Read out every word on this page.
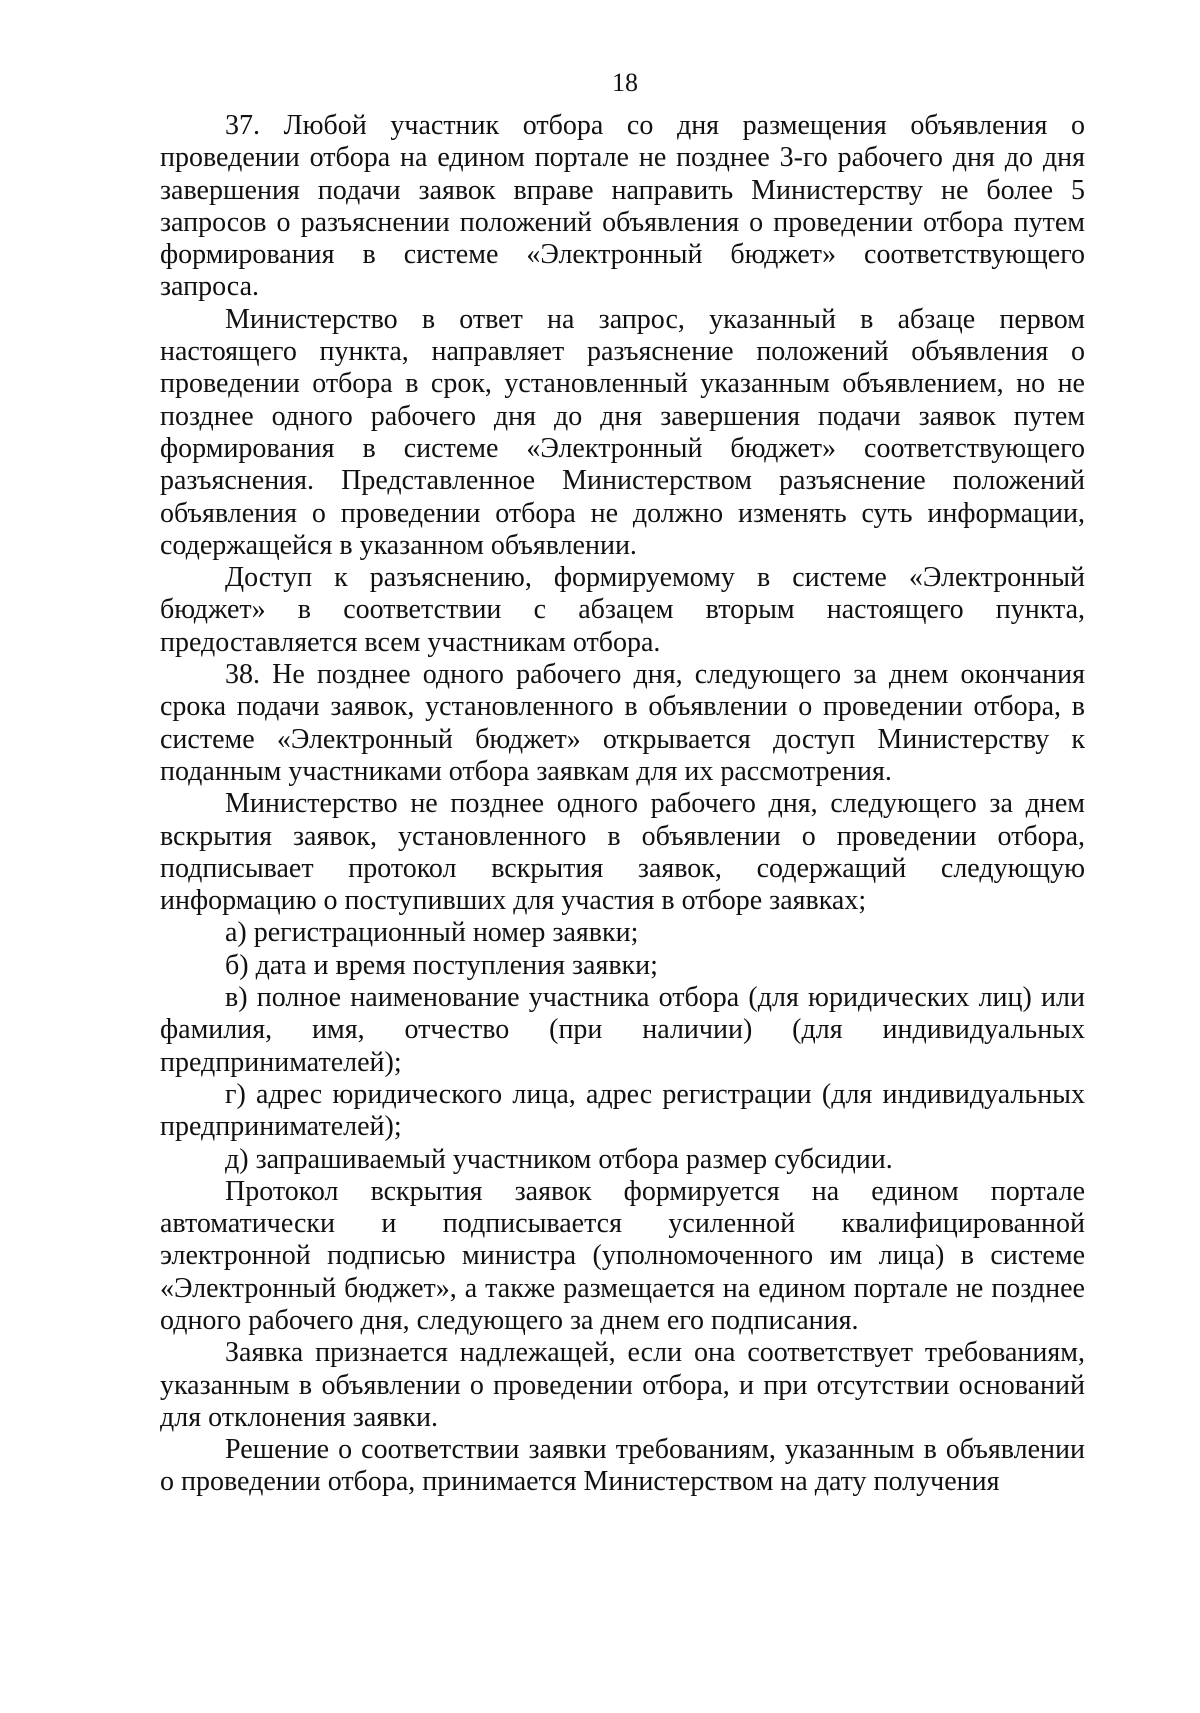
18

37. Любой участник отбора со дня размещения объявления о проведении отбора на едином портале не позднее 3-го рабочего дня до дня завершения подачи заявок вправе направить Министерству не более 5 запросов о разъяснении положений объявления о проведении отбора путем формирования в системе «Электронный бюджет» соответствующего запроса.

Министерство в ответ на запрос, указанный в абзаце первом настоящего пункта, направляет разъяснение положений объявления о проведении отбора в срок, установленный указанным объявлением, но не позднее одного рабочего дня до дня завершения подачи заявок путем формирования в системе «Электронный бюджет» соответствующего разъяснения. Представленное Министерством разъяснение положений объявления о проведении отбора не должно изменять суть информации, содержащейся в указанном объявлении.

Доступ к разъяснению, формируемому в системе «Электронный бюджет» в соответствии с абзацем вторым настоящего пункта, предоставляется всем участникам отбора.

38. Не позднее одного рабочего дня, следующего за днем окончания срока подачи заявок, установленного в объявлении о проведении отбора, в системе «Электронный бюджет» открывается доступ Министерству к поданным участниками отбора заявкам для их рассмотрения.

Министерство не позднее одного рабочего дня, следующего за днем вскрытия заявок, установленного в объявлении о проведении отбора, подписывает протокол вскрытия заявок, содержащий следующую информацию о поступивших для участия в отборе заявках;

а) регистрационный номер заявки;

б) дата и время поступления заявки;

в) полное наименование участника отбора (для юридических лиц) или фамилия, имя, отчество (при наличии) (для индивидуальных предпринимателей);

г) адрес юридического лица, адрес регистрации (для индивидуальных предпринимателей);

д) запрашиваемый участником отбора размер субсидии.

Протокол вскрытия заявок формируется на едином портале автоматически и подписывается усиленной квалифицированной электронной подписью министра (уполномоченного им лица) в системе «Электронный бюджет», а также размещается на едином портале не позднее одного рабочего дня, следующего за днем его подписания.

Заявка признается надлежащей, если она соответствует требованиям, указанным в объявлении о проведении отбора, и при отсутствии оснований для отклонения заявки.

Решение о соответствии заявки требованиям, указанным в объявлении о проведении отбора, принимается Министерством на дату получения
